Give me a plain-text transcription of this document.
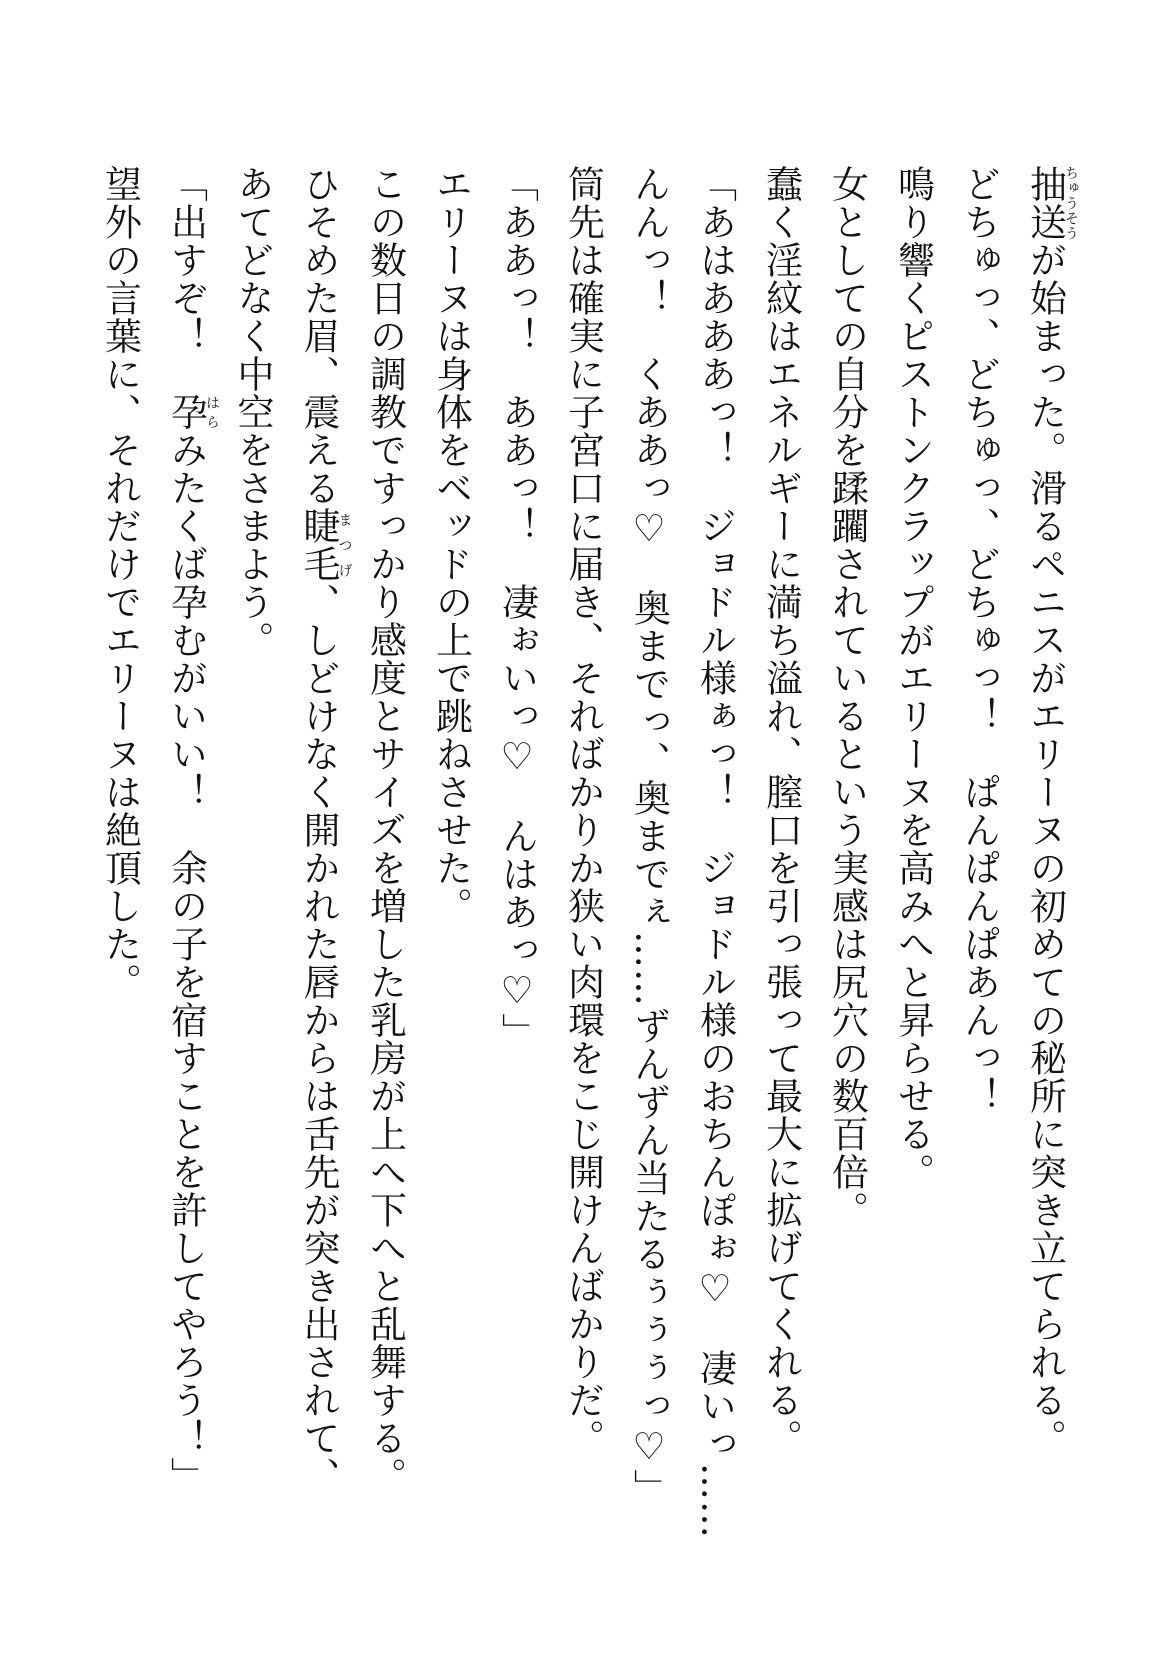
抽送ちゅうそうが始まった。滑るペニスがエリーヌの初めての秘所に突き立てられる。

どちゅっ、どちゅっ、どちゅっ！　ぱんぱんぱあんっ！

鳴り響くピストンクラップがエリーヌを高みへと昇らせる。

女としての自分を蹂躙されているという実感は尻穴の数百倍。

蠢く淫紋はエネルギーに満ち溢れ、膣口を引っ張って最大に拡げてくれる。

「あはあああっ！　ジョドル様ぁっ！　ジョドル様のおちんぽぉ♡　凄いっ……

んんっ！　くああっ♡　奥までっ、奥までぇ……ずんずん当たるぅぅぅっ♡」

筒先は確実に子宮口に届き、そればかりか狭い肉環をこじ開けんばかりだ。

「ああっ！　ああっ！　凄ぉいっ♡　んはあっ♡」

エリーヌは身体をベッドの上で跳ねさせた。

この数日の調教ですっかり感度とサイズを増した乳房が上へ下へと乱舞する。

ひそめた眉、震える睫毛まつげ、しどけなく開かれた唇からは舌先が突き出されて、

あてどなく中空をさまよう。

「出すぞ！　孕はらみたくば孕むがいい！　余の子を宿すことを許してやろう！」

望外の言葉に、それだけでエリーヌは絶頂した。
